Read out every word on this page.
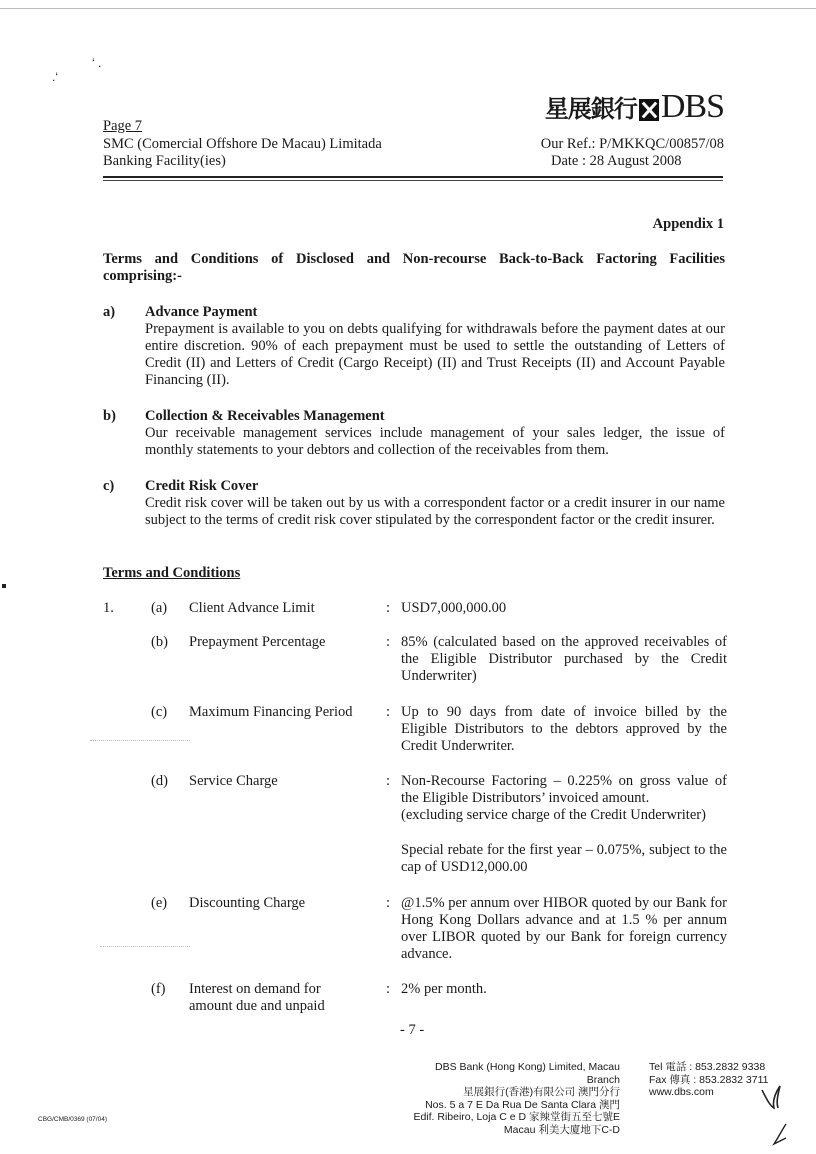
‘ .
.‘
星展銀行 DBS
Page 7
SMC (Comercial Offshore De Macau) Limitada
Banking Facility(ies)
Our Ref.: P/MKKQC/00857/08
Date : 28 August 2008
Appendix 1
Terms and Conditions of Disclosed and Non-recourse Back-to-Back Factoring Facilities comprising:-
a) Advance Payment
Prepayment is available to you on debts qualifying for withdrawals before the payment dates at our entire discretion. 90% of each prepayment must be used to settle the outstanding of Letters of Credit (II) and Letters of Credit (Cargo Receipt) (II) and Trust Receipts (II) and Account Payable Financing (II).
b) Collection & Receivables Management
Our receivable management services include management of your sales ledger, the issue of monthly statements to your debtors and collection of the receivables from them.
c) Credit Risk Cover
Credit risk cover will be taken out by us with a correspondent factor or a credit insurer in our name subject to the terms of credit risk cover stipulated by the correspondent factor or the credit insurer.
Terms and Conditions
1.	(a) Client Advance Limit	: USD7,000,000.00
(b) Prepayment Percentage	: 85% (calculated based on the approved receivables of the Eligible Distributor purchased by the Credit Underwriter)
(c) Maximum Financing Period : Up to 90 days from date of invoice billed by the Eligible Distributors to the debtors approved by the Credit Underwriter.
(d) Service Charge	: Non-Recourse Factoring – 0.225% on gross value of the Eligible Distributors’ invoiced amount.
(excluding service charge of the Credit Underwriter)
Special rebate for the first year – 0.075%, subject to the cap of USD12,000.00
(e) Discounting Charge	: @1.5% per annum over HIBOR quoted by our Bank for Hong Kong Dollars advance and at 1.5 % per annum over LIBOR quoted by our Bank for foreign currency advance.
(f) Interest on demand for amount due and unpaid
: 2% per month.
- 7 -
DBS Bank (Hong Kong) Limited, Macau Branch
星展銀行(香港)有限公司 澳門分行
Nos. 5 a 7 E Da Rua De Santa Clara 澳門
Edif. Ribeiro, Loja C e D 家辣堂街五至七號E
Macau 利美大廈地下C-D
Tel 電話 : 853.2832 9338
Fax 傳真 : 853.2832 3711
www.dbs.com
CBG/CMB/0369 (07/04)
